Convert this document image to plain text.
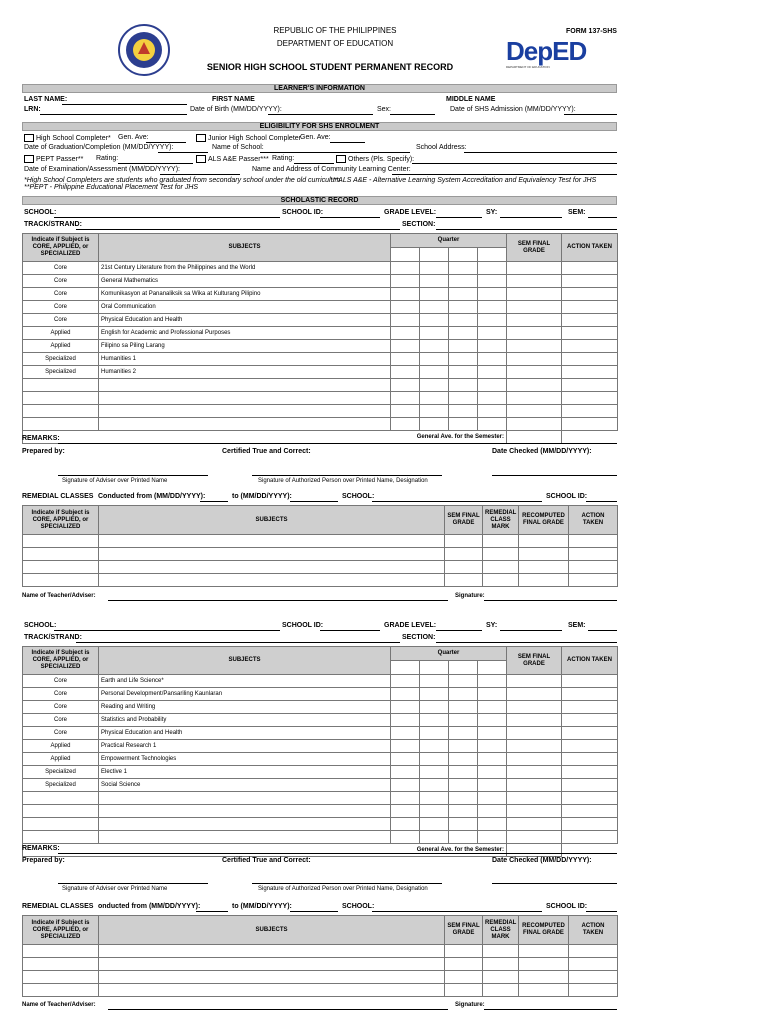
REPUBLIC OF THE PHILIPPINES
DEPARTMENT OF EDUCATION
SENIOR HIGH SCHOOL STUDENT PERMANENT RECORD
FORM 137-SHS
DepED
DEPARTMENT OF EDUCATION
LEARNER'S INFORMATION
LAST NAME:	FIRST NAME	MIDDLE NAME
LRN:	Date of Birth (MM/DD/YYYY):	Sex:	Date of SHS Admission (MM/DD/YYYY):
ELIGIBILITY FOR SHS ENROLMENT
High School Completer* Gen. Ave:	Junior High School Completer Gen. Ave:
Date of Graduation/Completion (MM/DD/YYYY):	Name of School:	School Address:
PEPT Passer** Rating:	ALS A&E Passer*** Rating:	Others (Pls. Specify):
Date of Examination/Assessment (MM/DD/YYYY):	Name and Address of Community Learning Center:
*High School Completers are students who graduated from secondary school under the old curriculum
***ALS A&E - Alternative Learning System Accreditation and Equivalency Test for JHS
**PEPT - Philippine Educational Placement Test for JHS
SCHOLASTIC RECORD
SCHOOL:	SCHOOL ID:	GRADE LEVEL:	SY:	SEM:
TRACK/STRAND:	SECTION:
Indicate if Subject is CORE, APPLIED, or SPECIALIZED	SUBJECTS	Quarter				SEM FINAL GRADE	ACTION TAKEN

Core	21st Century Literature from the Philippines and the World						
Core	General Mathematics						
Core	Komunikasyon at Pananaliksik sa Wika at Kulturang Pilipino						
Core	Oral Communication						
Core	Physical Education and Health						
Applied	English for Academic and Professional Purposes						
Applied	Filipino sa Piling Larang						
Specialized	Humanities 1						
Specialized	Humanities 2						

General Ave. for the Semester:							
REMARKS:
Prepared by:	Certified True and Correct:	Date Checked (MM/DD/YYYY):
Signature of Adviser over Printed Name	Signature of Authorized Person over Printed Name, Designation
REMEDIAL CLASSES Conducted from (MM/DD/YYYY):	to (MM/DD/YYYY):	SCHOOL:	SCHOOL ID:
Indicate if Subject is CORE, APPLIED, or SPECIALIZED	SUBJECTS	SEM FINAL GRADE	REMEDIAL CLASS MARK	RECOMPUTED FINAL GRADE	ACTION TAKEN

Name of Teacher/Adviser:	Signature:
SCHOOL:	SCHOOL ID:	GRADE LEVEL:	SY:	SEM:
TRACK/STRAND:	SECTION:
Indicate if Subject is CORE, APPLIED, or SPECIALIZED	SUBJECTS	Quarter				SEM FINAL GRADE	ACTION TAKEN

Core	Earth and Life Science*						
Core	Personal Development/Pansariling Kaunlaran						
Core	Reading and Writing						
Core	Statistics and Probability						
Core	Physical Education and Health						
Applied	Practical Research 1						
Applied	Empowerment Technologies						
Specialized	Elective 1						
Specialized	Social Science						

General Ave. for the Semester:							
REMARKS:
Prepared by:	Certified True and Correct:	Date Checked (MM/DD/YYYY):
Signature of Adviser over Printed Name	Signature of Authorized Person over Printed Name, Designation
REMEDIAL CLASSES onducted from (MM/DD/YYYY):	to (MM/DD/YYYY):	SCHOOL:	SCHOOL ID:
Indicate if Subject is CORE, APPLIED, or SPECIALIZED	SUBJECTS	SEM FINAL GRADE	REMEDIAL CLASS MARK	RECOMPUTED FINAL GRADE	ACTION TAKEN

Name of Teacher/Adviser:	Signature:
